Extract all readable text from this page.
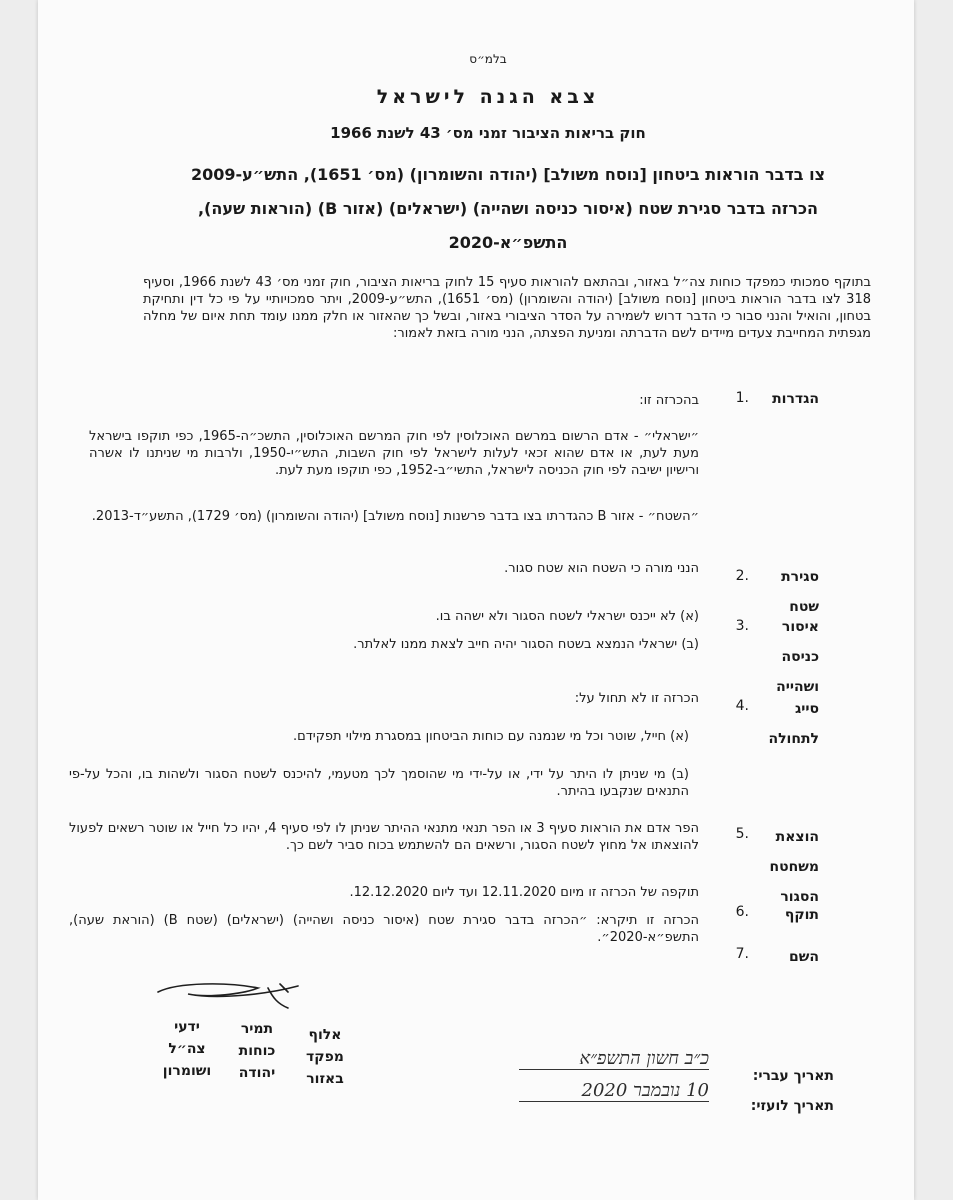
בלמ״ס
צבא הגנה לישראל
חוק בריאות הציבור זמני מס׳ 43 לשנת 1966
צו בדבר הוראות ביטחון [נוסח משולב] (יהודה והשומרון) (מס׳ 1651), התש״ע-2009
הכרזה בדבר סגירת שטח (איסור כניסה ושהייה) (ישראלים) (אזור B) (הוראות שעה),
התשפ״א-2020
בתוקף סמכותי כמפקד כוחות צה״ל באזור, ובהתאם להוראות סעיף 15 לחוק בריאות הציבור, חוק זמני מס׳ 43 לשנת 1966, וסעיף 318 לצו בדבר הוראות ביטחון [נוסח משולב] (יהודה והשומרון) (מס׳ 1651), התש״ע-2009, ויתר סמכויותיי על פי כל דין ותחיקת בטחון, והואיל והנני סבור כי הדבר דרוש לשמירה על הסדר הציבורי באזור, ובשל כך שהאזור או חלק ממנו עומד תחת איום של מחלה מגפתית המחייבת צעדים מיידים לשם הדברתה ומניעת הפצתה, הנני מורה בזאת לאמור:
הגדרות
1.
בהכרזה זו:
״ישראלי״ - אדם הרשום במרשם האוכלוסין לפי חוק המרשם האוכלוסין, התשכ״ה-1965, כפי תוקפו בישראל מעת לעת, או אדם שהוא זכאי לעלות לישראל לפי חוק השבות, התש״י-1950, ולרבות מי שניתנו לו אשרה ורישיון ישיבה לפי חוק הכניסה לישראל, התשי״ב-1952, כפי תוקפו מעת לעת.
״השטח״ - אזור B כהגדרתו בצו בדבר פרשנות [נוסח משולב] (יהודה והשומרון) (מס׳ 1729), התשע״ד-2013.
סגירת
שטח
2.
הנני מורה כי השטח הוא שטח סגור.
איסור
כניסה
ושהייה
3.
(א) לא ייכנס ישראלי לשטח הסגור ולא ישהה בו.
(ב) ישראלי הנמצא בשטח הסגור יהיה חייב לצאת ממנו לאלתר.
סייג
לתחולה
4.
הכרזה זו לא תחול על:
(א) חייל, שוטר וכל מי שנמנה עם כוחות הביטחון במסגרת מילוי תפקידם.
(ב) מי שניתן לו היתר על ידי, או על-ידי מי שהוסמך לכך מטעמי, להיכנס לשטח הסגור ולשהות בו, והכל על-פי התנאים שנקבעו בהיתר.
הוצאת
משחטח
הסגור
5.
הפר אדם את הוראות סעיף 3 או הפר תנאי מתנאי ההיתר שניתן לו לפי סעיף 4, יהיו כל חייל או שוטר רשאים לפעול להוצאתו אל מחוץ לשטח הסגור, ורשאים הם להשתמש בכוח סביר לשם כך.
תוקף
6.
תוקפה של הכרזה זו מיום 12.11.2020 ועד ליום 12.12.2020.
השם
7.
הכרזה זו תיקרא: ״הכרזה בדבר סגירת שטח (איסור כניסה ושהייה) (ישראלים) (שטח B) (הוראת שעה), התשפ״א-2020״.
אלוף
מפקד
באזור
תמיר
כוחות
יהודה
ידעי
צה״ל
ושומרון	תאריך עברי:
כ״ב חשון התשפ״א
תאריך לועזי:
10 נובמבר 2020
